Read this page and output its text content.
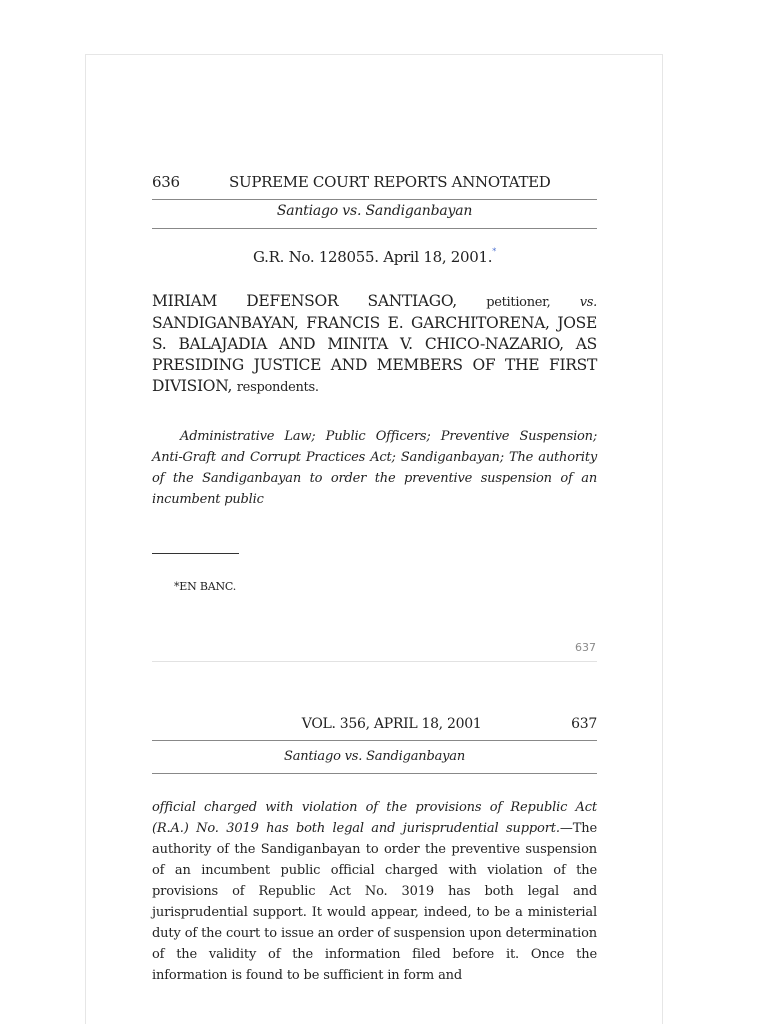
636	SUPREME COURT REPORTS ANNOTATED
Santiago vs. Sandiganbayan
G.R. No. 128055. April 18, 2001.*
MIRIAM DEFENSOR SANTIAGO, petitioner, vs. SANDIGANBAYAN, FRANCIS E. GARCHITORENA, JOSE S. BALAJADIA AND MINITA V. CHICO-NAZARIO, AS PRESIDING JUSTICE AND MEMBERS OF THE FIRST DIVISION, respondents.
Administrative Law; Public Officers; Preventive Suspension; Anti-Graft and Corrupt Practices Act; Sandiganbayan; The authority of the Sandiganbayan to order the preventive suspension of an incumbent public
*EN BANC.
637
VOL. 356, APRIL 18, 2001	637
Santiago vs. Sandiganbayan
official charged with violation of the provisions of Republic Act (R.A.) No. 3019 has both legal and jurisprudential support.—The authority of the Sandiganbayan to order the preventive suspension of an incumbent public official charged with violation of the provisions of Republic Act No. 3019 has both legal and jurisprudential support. It would appear, indeed, to be a ministerial duty of the court to issue an order of suspension upon determination of the validity of the information filed before it. Once the information is found to be sufficient in form and
